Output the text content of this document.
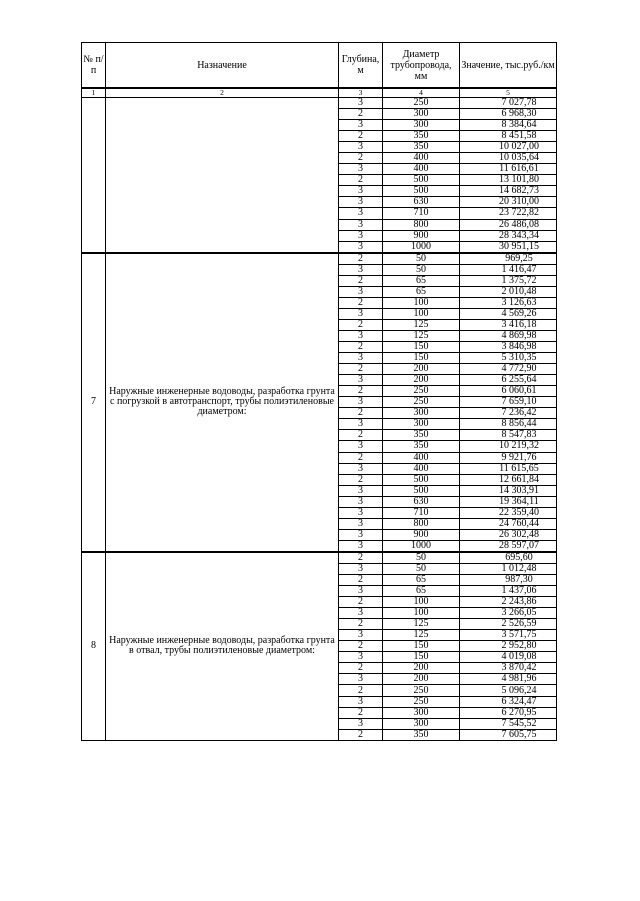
№ п/п	Назначение	Глубина, м	Диаметр трубопровода, мм	Значение, тыс.руб./км
1	2	3	4	5
		3	250	7 027,78
		2	300	6 968,30
		3	300	8 384,64
		2	350	8 451,58
		3	350	10 027,00
		2	400	10 035,64
		3	400	11 616,61
		2	500	13 101,80
		3	500	14 682,73
		3	630	20 310,00
		3	710	23 722,82
		3	800	26 486,08
		3	900	28 343,34
		3	1000	30 951,15
7	Наружные инженерные водоводы, разработка грунта с погрузкой в автотранспорт, трубы полиэтиленовые диаметром:	2	50	969,25
		3	50	1 416,47
		2	65	1 375,72
		3	65	2 010,48
		2	100	3 126,63
		3	100	4 569,26
		2	125	3 416,18
		3	125	4 869,98
		2	150	3 846,98
		3	150	5 310,35
		2	200	4 772,90
		3	200	6 255,64
		2	250	6 060,61
		3	250	7 659,10
		2	300	7 236,42
		3	300	8 856,44
		2	350	8 547,83
		3	350	10 219,32
		2	400	9 921,76
		3	400	11 615,65
		2	500	12 661,84
		3	500	14 303,91
		3	630	19 364,11
		3	710	22 359,40
		3	800	24 760,44
		3	900	26 302,48
		3	1000	28 597,07
8	Наружные инженерные водоводы, разработка грунта в отвал, трубы полиэтиленовые диаметром:	2	50	695,60
		3	50	1 012,48
		2	65	987,30
		3	65	1 437,06
		2	100	2 243,86
		3	100	3 266,05
		2	125	2 526,59
		3	125	3 571,75
		2	150	2 952,80
		3	150	4 019,08
		2	200	3 870,42
		3	200	4 981,96
		2	250	5 096,24
		3	250	6 324,47
		2	300	6 270,95
		3	300	7 545,52
		2	350	7 605,75
